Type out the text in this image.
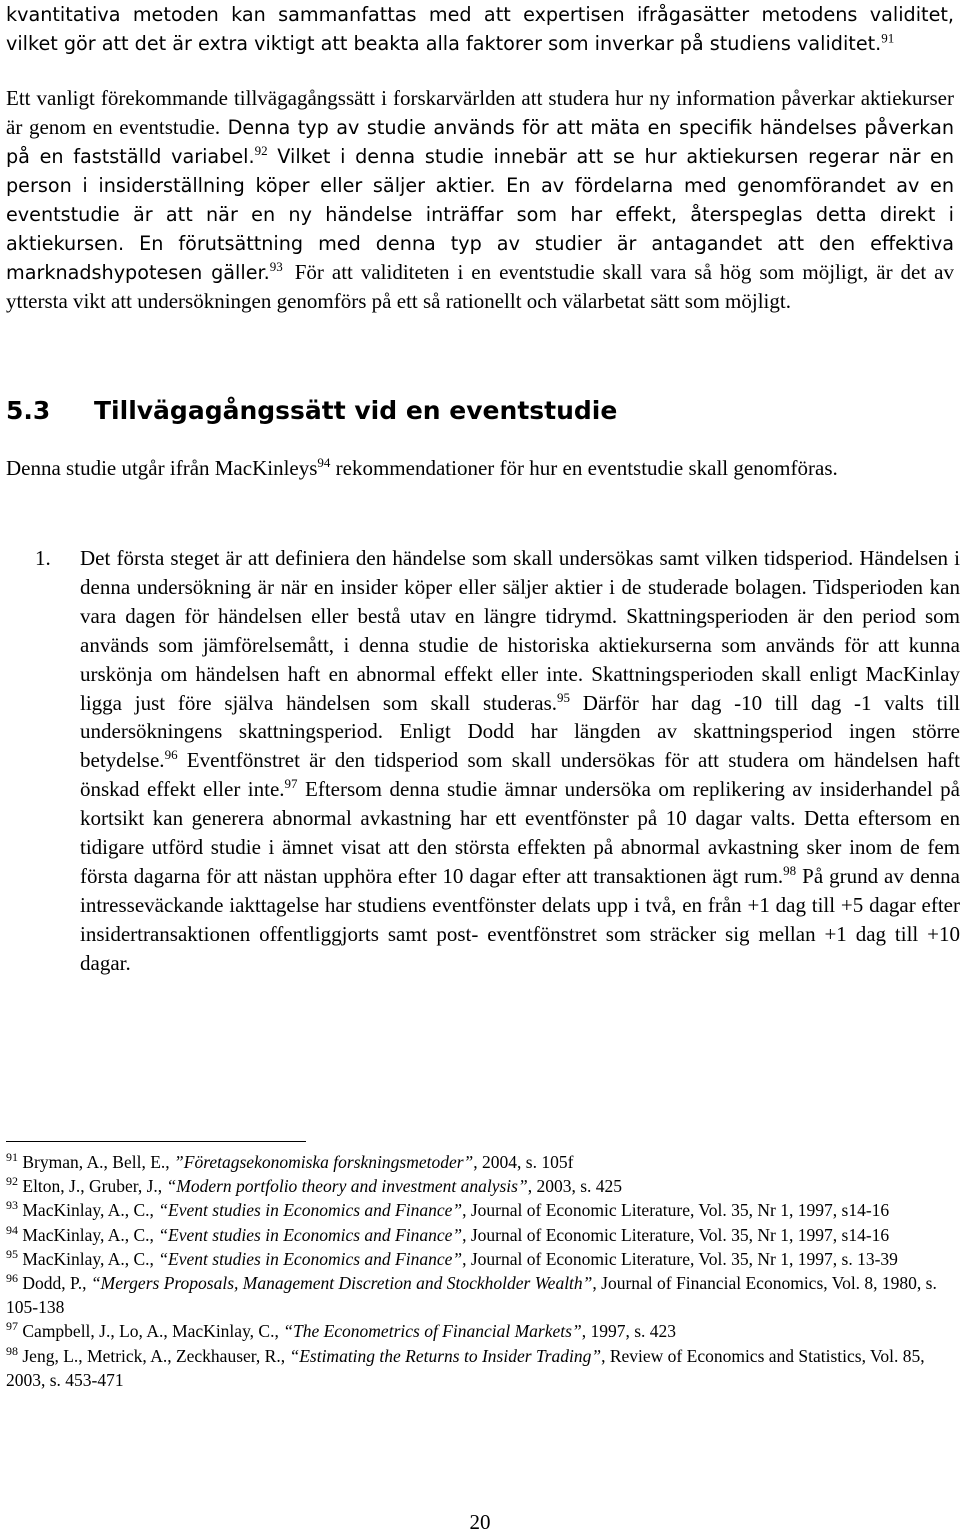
kvantitativa metoden kan sammanfattas med att expertisen ifrågasätter metodens validitet, vilket gör att det är extra viktigt att beakta alla faktorer som inverkar på studiens validitet.$^{91}$

Ett vanligt förekommande tillvägagångssätt i forskarvärlden att studera hur ny information påverkar aktiekurser är genom en eventstudie. Denna typ av studie används för att mäta en specifik händelses påverkan på en fastställd variabel.$^{92}$ Vilket i denna studie innebär att se hur aktiekursen regerar när en person i insiderställning köper eller säljer aktier. En av fördelarna med genomförandet av en eventstudie är att när en ny händelse inträffar som har effekt, återspeglas detta direkt i aktiekursen. En förutsättning med denna typ av studier är antagandet att den effektiva marknadshypotesen gäller.$^{93}$ För att validiteten i en eventstudie skall vara så hög som möjligt, är det av yttersta vikt att undersökningen genomförs på ett så rationellt och välarbetat sätt som möjligt.

5.3 Tillvägagångssätt vid en eventstudie

Denna studie utgår ifrån MacKinleys$^{94}$ rekommendationer för hur en eventstudie skall genomföras.

1.	Det första steget är att definiera den händelse som skall undersökas samt vilken tidsperiod. Händelsen i denna undersökning är när en insider köper eller säljer aktier i de studerade bolagen. Tidsperioden kan vara dagen för händelsen eller bestå utav en längre tidrymd. Skattningsperioden är den period som används som jämförelsemått, i denna studie de historiska aktiekurserna som används för att kunna urskönja om händelsen haft en abnormal effekt eller inte. Skattningsperioden skall enligt MacKinlay ligga just före själva händelsen som skall studeras.$^{95}$ Därför har dag -10 till dag -1 valts till undersökningens skattningsperiod. Enligt Dodd har längden av skattningsperiod ingen större betydelse.$^{96}$ Eventfönstret är den tidsperiod som skall undersökas för att studera om händelsen haft önskad effekt eller inte.$^{97}$ Eftersom denna studie ämnar undersöka om replikering av insiderhandel på kortsikt kan generera abnormal avkastning har ett eventfönster på 10 dagar valts. Detta eftersom en tidigare utförd studie i ämnet visat att den största effekten på abnormal avkastning sker inom de fem första dagarna för att nästan upphöra efter 10 dagar efter att transaktionen ägt rum.$^{98}$ På grund av denna intresseväckande iakttagelse har studiens eventfönster delats upp i två, en från +1 dag till +5 dagar efter insidertransaktionen offentliggjorts samt post- eventfönstret som sträcker sig mellan +1 dag till +10 dagar.
$^{91}$ Bryman, A., Bell, E., ”Företagsekonomiska forskningsmetoder”, 2004, s. 105f
$^{92}$ Elton, J., Gruber, J., “Modern portfolio theory and investment analysis”, 2003, s. 425
$^{93}$ MacKinlay, A., C., “Event studies in Economics and Finance”, Journal of Economic Literature, Vol. 35, Nr 1, 1997, s14-16
$^{94}$ MacKinlay, A., C., “Event studies in Economics and Finance”, Journal of Economic Literature, Vol. 35, Nr 1, 1997, s14-16
$^{95}$ MacKinlay, A., C., “Event studies in Economics and Finance”, Journal of Economic Literature, Vol. 35, Nr 1, 1997, s. 13-39
$^{96}$ Dodd, P., “Mergers Proposals, Management Discretion and Stockholder Wealth”, Journal of Financial Economics, Vol. 8, 1980, s. 105-138
$^{97}$ Campbell, J., Lo, A., MacKinlay, C., “The Econometrics of Financial Markets”, 1997, s. 423
$^{98}$ Jeng, L., Metrick, A., Zeckhauser, R., “Estimating the Returns to Insider Trading”, Review of Economics and Statistics, Vol. 85, 2003, s. 453-471
20
